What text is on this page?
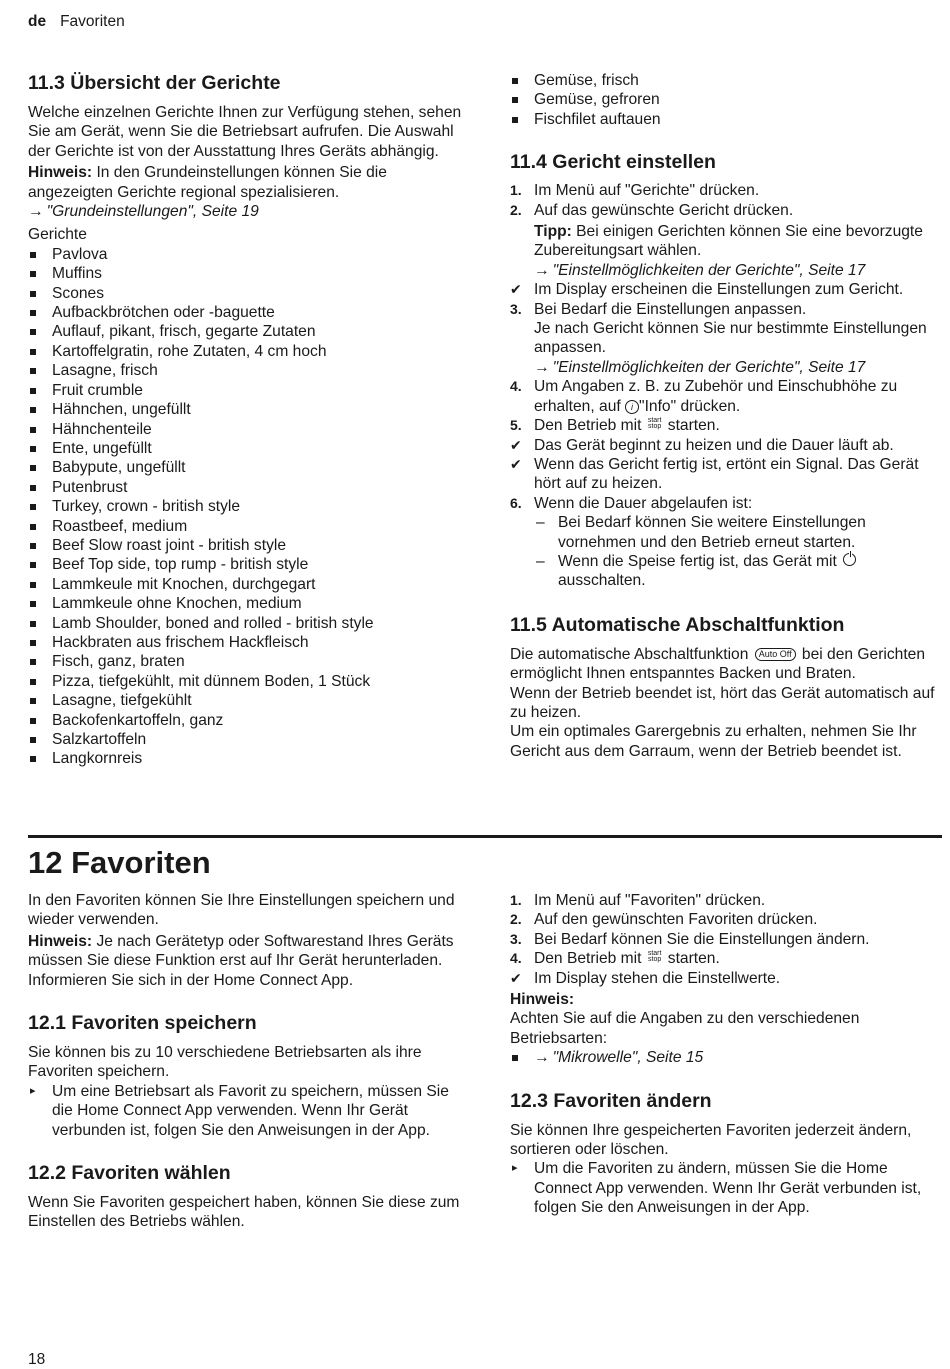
de Favoriten
11.3 Übersicht der Gerichte

Welche einzelnen Gerichte Ihnen zur Verfügung stehen, sehen Sie am Gerät, wenn Sie die Betriebsart aufrufen. Die Auswahl der Gerichte ist von der Ausstattung Ihres Geräts abhängig.

Hinweis: In den Grundeinstellungen können Sie die angezeigten Gerichte regional spezialisieren.

→ "Grundeinstellungen", Seite 19

Gerichte

Pavlova
Muffins
Scones
Aufbackbrötchen oder -baguette
Auflauf, pikant, frisch, gegarte Zutaten
Kartoffelgratin, rohe Zutaten, 4 cm hoch
Lasagne, frisch
Fruit crumble
Hähnchen, ungefüllt
Hähnchenteile
Ente, ungefüllt
Babypute, ungefüllt
Putenbrust
Turkey, crown - british style
Roastbeef, medium
Beef Slow roast joint - british style
Beef Top side, top rump - british style
Lammkeule mit Knochen, durchgegart
Lammkeule ohne Knochen, medium
Lamb Shoulder, boned and rolled - british style
Hackbraten aus frischem Hackfleisch
Fisch, ganz, braten
Pizza, tiefgekühlt, mit dünnem Boden, 1 Stück
Lasagne, tiefgekühlt
Backofenkartoffeln, ganz
Salzkartoffeln
Langkornreis
Gemüse, frisch
Gemüse, gefroren
Fischfilet auftauen
11.4 Gericht einstellen
1. Im Menü auf "Gerichte" drücken.
2. Auf das gewünschte Gericht drücken.

Tipp: Bei einigen Gerichten können Sie eine bevorzugte Zubereitungsart wählen.

→ "Einstellmöglichkeiten der Gerichte", Seite 17

✔ Im Display erscheinen die Einstellungen zum Gericht.
3. Bei Bedarf die Einstellungen anpassen.
Je nach Gericht können Sie nur bestimmte Einstellungen anpassen.

→ "Einstellmöglichkeiten der Gerichte", Seite 17

4. Um Angaben z. B. zu Zubehör und Einschubhöhe zu erhalten, auf i "Info" drücken.
5. Den Betrieb mit start
stop starten.
✔ Das Gerät beginnt zu heizen und die Dauer läuft ab.
✔ Wenn das Gericht fertig ist, ertönt ein Signal. Das Gerät hört auf zu heizen.
6. Wenn die Dauer abgelaufen ist:
– Bei Bedarf können Sie weitere Einstellungen vornehmen und den Betrieb erneut starten.
– Wenn die Speise fertig ist, das Gerät mit  ausschalten.
11.5 Automatische Abschaltfunktion

Die automatische Abschaltfunktion Auto Off bei den Gerichten ermöglicht Ihnen entspanntes Backen und Braten.

Wenn der Betrieb beendet ist, hört das Gerät automatisch auf zu heizen.

Um ein optimales Garergebnis zu erhalten, nehmen Sie Ihr Gericht aus dem Garraum, wenn der Betrieb beendet ist.

12 Favoriten

In den Favoriten können Sie Ihre Einstellungen speichern und wieder verwenden.

Hinweis: Je nach Gerätetyp oder Softwarestand Ihres Geräts müssen Sie diese Funktion erst auf Ihr Gerät herunterladen. Informieren Sie sich in der Home Connect App.

12.1 Favoriten speichern

Sie können bis zu 10 verschiedene Betriebsarten als ihre Favoriten speichern.

▸ Um eine Betriebsart als Favorit zu speichern, müssen Sie die Home Connect App verwenden. Wenn Ihr Gerät verbunden ist, folgen Sie den Anweisungen in der App.
12.2 Favoriten wählen

Wenn Sie Favoriten gespeichert haben, können Sie diese zum Einstellen des Betriebs wählen.

1. Im Menü auf "Favoriten" drücken.
2. Auf den gewünschten Favoriten drücken.
3. Bei Bedarf können Sie die Einstellungen ändern.
4. Den Betrieb mit start
stop starten.
✔ Im Display stehen die Einstellwerte.

Hinweis:

Achten Sie auf die Angaben zu den verschiedenen Betriebsarten:

→ "Mikrowelle", Seite 15
12.3 Favoriten ändern

Sie können Ihre gespeicherten Favoriten jederzeit ändern, sortieren oder löschen.

▸ Um die Favoriten zu ändern, müssen Sie die Home Connect App verwenden. Wenn Ihr Gerät verbunden ist, folgen Sie den Anweisungen in der App.
18
